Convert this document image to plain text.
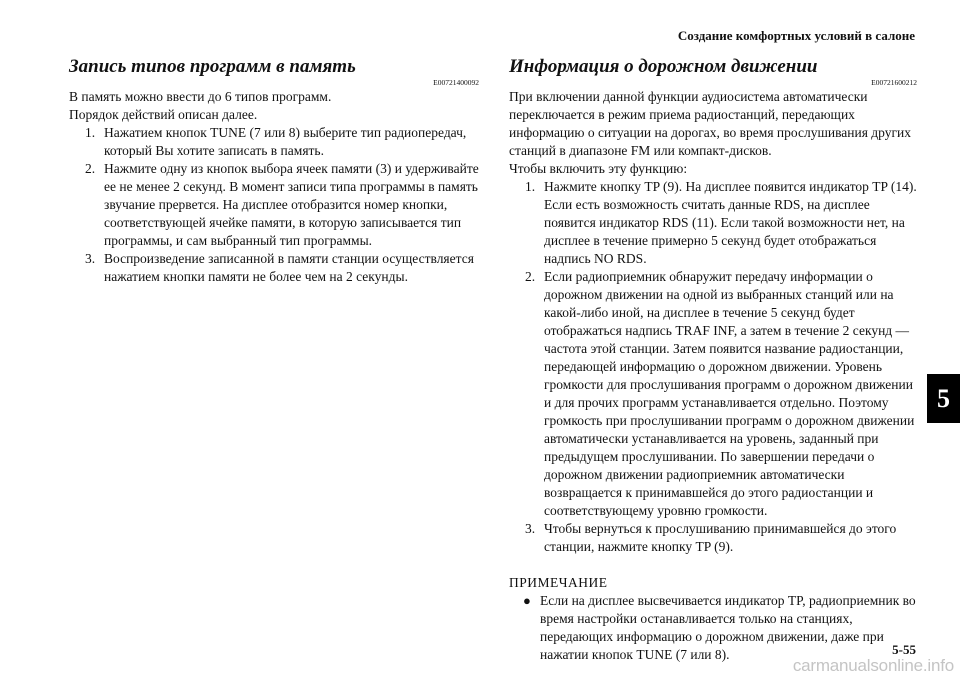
Создание комфортных условий в салоне
Запись типов программ в память
E00721400092

В память можно ввести до 6 типов программ.

Порядок действий описан далее.

1. Нажатием кнопок TUNE (7 или 8) выберите тип радиопередач, который Вы хотите записать в память.
2. Нажмите одну из кнопок выбора ячеек памяти (3) и удерживайте ее не менее 2 секунд. В момент записи типа программы в память звучание прервется. На дисплее отобразится номер кнопки, соответствующей ячейке памяти, в которую записывается тип программы, и сам выбранный тип программы.
3. Воспроизведение записанной в памяти станции осуществляется нажатием кнопки памяти не более чем на 2 секунды.
Информация о дорожном движении
E00721600212

При включении данной функции аудиосистема автоматически переключается в режим приема радиостанций, передающих информацию о ситуации на дорогах, во время прослушивания других станций в диапазоне FM или компакт-дисков.

Чтобы включить эту функцию:

1. Нажмите кнопку TP (9). На дисплее появится индикатор TP (14). Если есть возможность считать данные RDS, на дисплее появится индикатор RDS (11). Если такой возможности нет, на дисплее в течение примерно 5 секунд будет отображаться надпись NO RDS.
2. Если радиоприемник обнаружит передачу информации о дорожном движении на одной из выбранных станций или на какой-либо иной, на дисплее в течение 5 секунд будет отображаться надпись TRAF INF, а затем в течение 2 секунд — частота этой станции. Затем появится название радиостанции, передающей информацию о дорожном движении. Уровень громкости для прослушивания программ о дорожном движении и для прочих программ устанавливается отдельно. Поэтому громкость при прослушивании программ о дорожном движении автоматически устанавливается на уровень, заданный при предыдущем прослушивании. По завершении передачи о дорожном движении радиоприемник автоматически возвращается к принимавшейся до этого радиостанции и соответствующему уровню громкости.
3. Чтобы вернуться к прослушиванию принимавшейся до этого станции, нажмите кнопку TP (9).

ПРИМЕЧАНИЕ

● Если на дисплее высвечивается индикатор TP, радиоприемник во время настройки останавливается только на станциях, передающих информацию о дорожном движении, даже при нажатии кнопок TUNE (7 или 8).
5
5-55
carmanualsonline.info
